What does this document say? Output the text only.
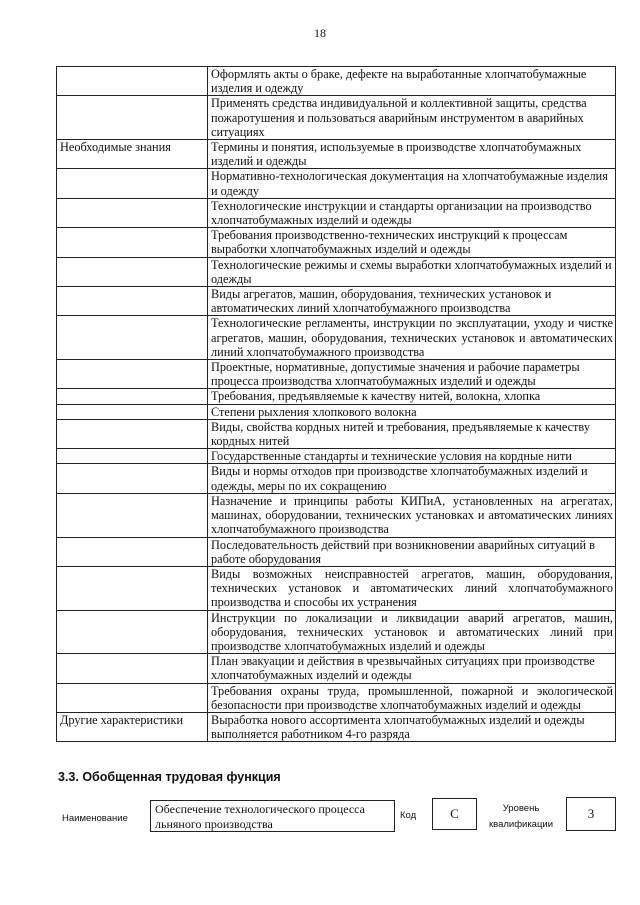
18
	Оформлять акты о браке, дефекте на выработанные хлопчатобумажные изделия и одежду
	Применять средства индивидуальной и коллективной защиты, средства пожаротушения и пользоваться аварийным инструментом в аварийных ситуациях
Необходимые знания	Термины и понятия, используемые в производстве хлопчатобумажных изделий и одежды
	Нормативно-технологическая документация на хлопчатобумажные изделия и одежду
	Технологические инструкции и стандарты организации на производство хлопчатобумажных изделий и одежды
	Требования производственно-технических инструкций к процессам выработки хлопчатобумажных изделий и одежды
	Технологические режимы и схемы выработки хлопчатобумажных изделий и одежды
	Виды агрегатов, машин, оборудования, технических установок и автоматических линий хлопчатобумажного производства
	Технологические регламенты, инструкции по эксплуатации, уходу и чистке агрегатов, машин, оборудования, технических установок и автоматических линий хлопчатобумажного производства
	Проектные, нормативные, допустимые значения и рабочие параметры процесса производства хлопчатобумажных изделий и одежды
	Требования, предъявляемые к качеству нитей, волокна, хлопка
	Степени рыхления хлопкового волокна
	Виды, свойства кордных нитей и требования, предъявляемые к качеству кордных нитей
	Государственные стандарты и технические условия на кордные нити
	Виды и нормы отходов при производстве хлопчатобумажных изделий и одежды, меры по их сокращению
	Назначение и принципы работы КИПиА, установленных на агрегатах, машинах, оборудовании, технических установках и автоматических линиях хлопчатобумажного производства
	Последовательность действий при возникновении аварийных ситуаций в работе оборудования
	Виды возможных неисправностей агрегатов, машин, оборудования, технических установок и автоматических линий хлопчатобумажного производства и способы их устранения
	Инструкции по локализации и ликвидации аварий агрегатов, машин, оборудования, технических установок и автоматических линий при производстве хлопчатобумажных изделий и одежды
	План эвакуации и действия в чрезвычайных ситуациях при производстве хлопчатобумажных изделий и одежды
	Требования охраны труда, промышленной, пожарной и экологической безопасности при производстве хлопчатобумажных изделий и одежды
Другие характеристики	Выработка нового ассортимента хлопчатобумажных изделий и одежды выполняется работником 4-го разряда
3.3. Обобщенная трудовая функция
Наименование
Обеспечение технологического процесса льняного производства
Код	C	Уровень квалификации
3
